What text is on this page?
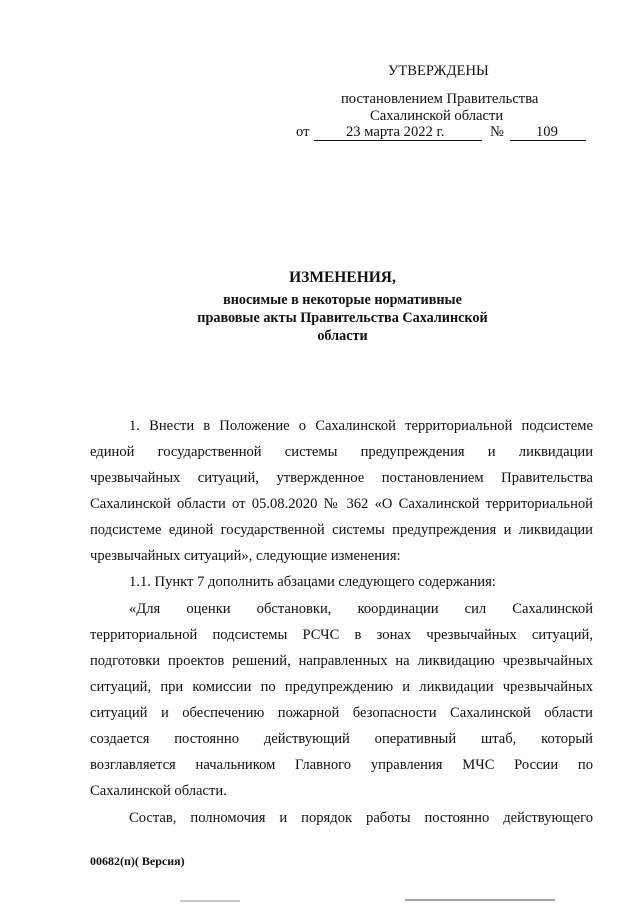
УТВЕРЖДЕНЫ
постановлением Правительства
Сахалинской области
от	23 марта 2022 г.	№ 109
ИЗМЕНЕНИЯ,
вносимые в некоторые нормативные
правовые акты Правительства Сахалинской
области
1. Внести в Положение о Сахалинской территориальной подсистеме
единой государственной системы предупреждения и ликвидации
чрезвычайных ситуаций, утвержденное постановлением Правительства
Сахалинской области от 05.08.2020 № 362 «О Сахалинской территориальной
подсистеме единой государственной системы предупреждения и ликвидации
чрезвычайных ситуаций», следующие изменения:
1.1. Пункт 7 дополнить абзацами следующего содержания:
«Для оценки обстановки, координации сил Сахалинской
территориальной подсистемы РСЧС в зонах чрезвычайных ситуаций,
подготовки проектов решений, направленных на ликвидацию чрезвычайных
ситуаций, при комиссии по предупреждению и ликвидации чрезвычайных
ситуаций и обеспечению пожарной безопасности Сахалинской области
создается постоянно действующий оперативный штаб, который
возглавляется начальником Главного управления МЧС России по
Сахалинской области.
Состав, полномочия и порядок работы постоянно действующего
00682(п)( Версия)
